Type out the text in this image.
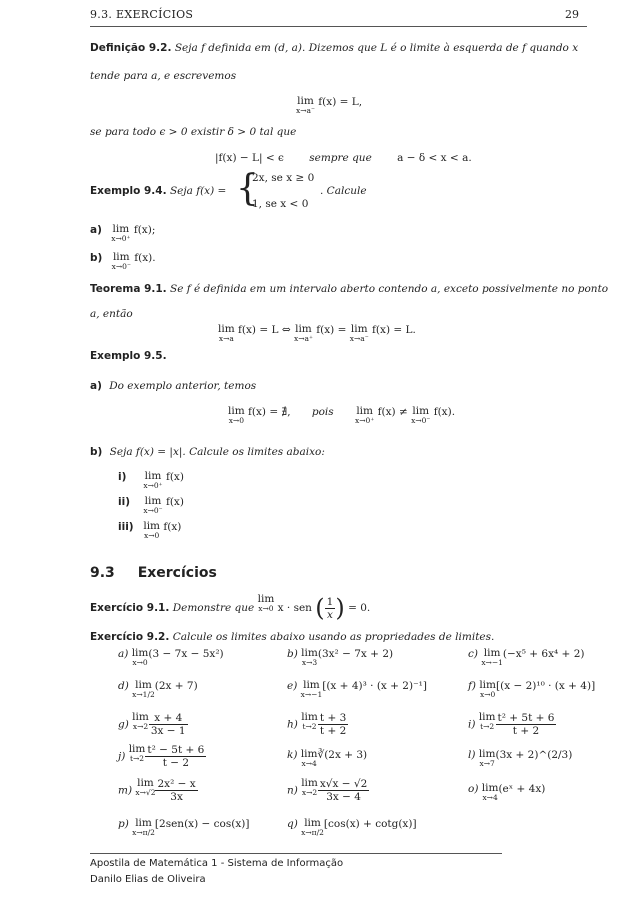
9.3. EXERCÍCIOS	29
Definição 9.2. Seja f definida em (d, a). Dizemos que L é o limite à esquerda de f quando x
tende para a, e escrevemos
lim
x→a⁻
f(x) = L,
se para todo ϵ > 0 existir δ > 0 tal que
|f(x) − L| < ϵ sempre que a − δ < x < a.
Exemplo 9.4. Seja f(x) = {
2x, se x ≥ 0
1, se x < 0
. Calcule
a) lim
x→0⁺
f(x);
b) lim
x→0⁻
f(x).
Teorema 9.1. Se f é definida em um intervalo aberto contendo a, exceto possivelmente no ponto
a, então
lim
x→a
f(x) = L ⇔ lim
x→a⁺
f(x) = lim
x→a⁻
f(x) = L.
Exemplo 9.5.
a) Do exemplo anterior, temos
lim
x→0
f(x) = ∄, pois lim
x→0⁺
f(x) ≠ lim
x→0⁻
f(x).
b) Seja f(x) = |x|. Calcule os limites abaixo:
i) lim
x→0⁺
f(x)
ii) lim
x→0⁻
f(x)
iii) lim
x→0
f(x)
9.3 Exercícios
Exercício 9.1. Demonstre que
lim
x→0 x · sen ( $\frac{1}{x}$ ) = 0.
Exercício 9.2. Calcule os limites abaixo usando as propriedades de limites.
a) lim
x→0
(3 − 7x − 5x²)	b) lim
x→3
(3x² − 7x + 2)	c) lim
x→−1
(−x⁵ + 6x⁴ + 2)
d) lim
x→1/2
(2x + 7)	e) lim
x→−1
[(x + 4)³ · (x + 2)⁻¹]	f) lim
x→0
[(x − 2)¹⁰ · (x + 4)]
g)
lim
$x\to 2 \frac{x + 4}{3x - 1}$	h)
lim
$t\to 2 \frac{t + 3}{t + 2}$	i)
lim
$t\to 2 \frac{\text{t² + 5t + 6}}{t + 2}$
j)
lim
$t\to 2 \frac{\text{t² − 5t + 6}}{t - 2}$	k) lim
x→4
∛(2x + 3)	l) lim
x→7
(3x + 2)^(2/3)
m)
lim
$x\to√2 \frac{\text{2x² − x}}{3x}$	n)
lim
$x\to 2 \frac{x√x - √2}{3x - 4}$	o) lim
x→4
(eˣ + 4x)
p) lim
x→π/2
[2sen(x) − cos(x)]	q) lim
x→π/2
[cos(x) + cotg(x)]
Apostila de Matemática 1 - Sistema de Informação
Danilo Elias de Oliveira
